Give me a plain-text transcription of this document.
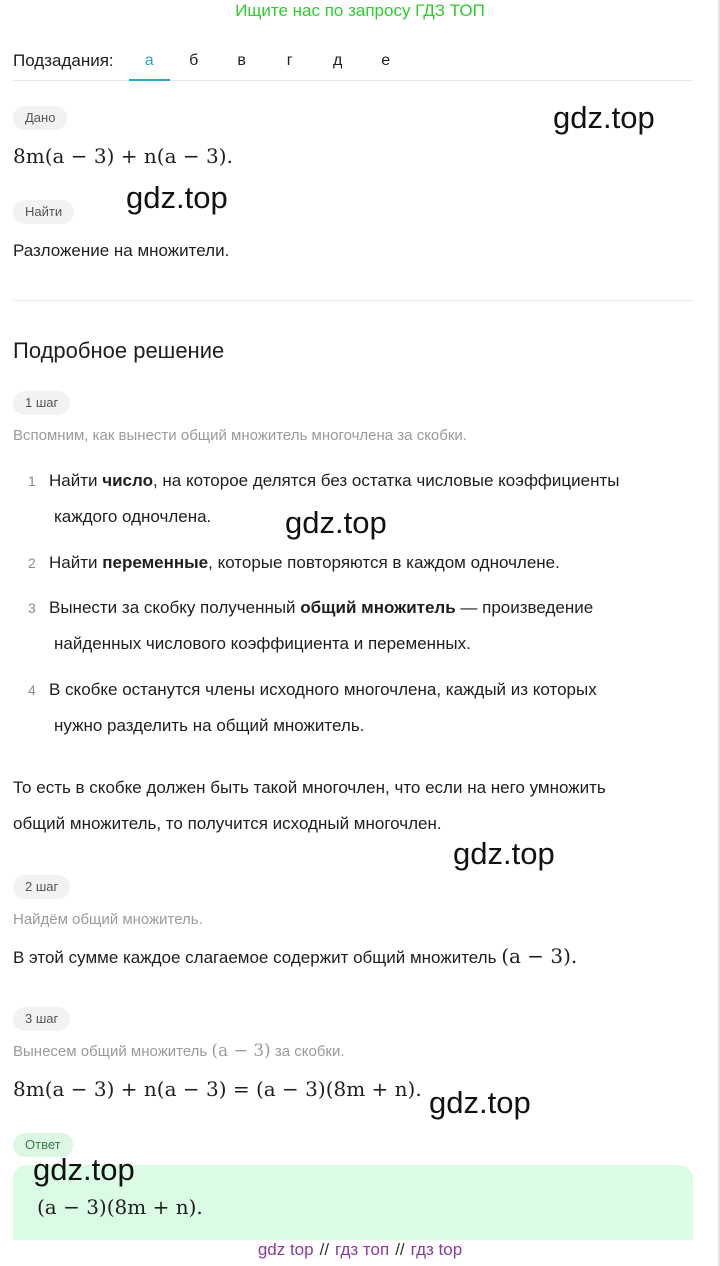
Ищите нас по запросу ГДЗ ТОП
Подзадания:	а	б	в	г	д	е
Дано
8m(a − 3) + n(a − 3).
Найти
Разложение на множители.
Подробное решение
1 шаг
Вспомним, как вынести общий множитель многочлена за скобки.
1 Найти число, на которое делятся без остатка числовые коэффициенты
каждого одночлена.
2 Найти переменные, которые повторяются в каждом одночлене.
3 Вынести за скобку полученный общий множитель — произведение
найденных числового коэффициента и переменных.
4 В скобке останутся члены исходного многочлена, каждый из которых
нужно разделить на общий множитель.
То есть в скобке должен быть такой многочлен, что если на него умножить
общий множитель, то получится исходный многочлен.
2 шаг
Найдём общий множитель.
В этой сумме каждое слагаемое содержит общий множитель (a − 3).
3 шаг
Вынесем общий множитель (a − 3) за скобки.
8m(a − 3) + n(a − 3) = (a − 3)(8m + n).
Ответ
(a − 3)(8m + n).
gdz.top
gdz.top
gdz.top
gdz.top
gdz.top
gdz.top
gdz top // гдз топ // гдз top
